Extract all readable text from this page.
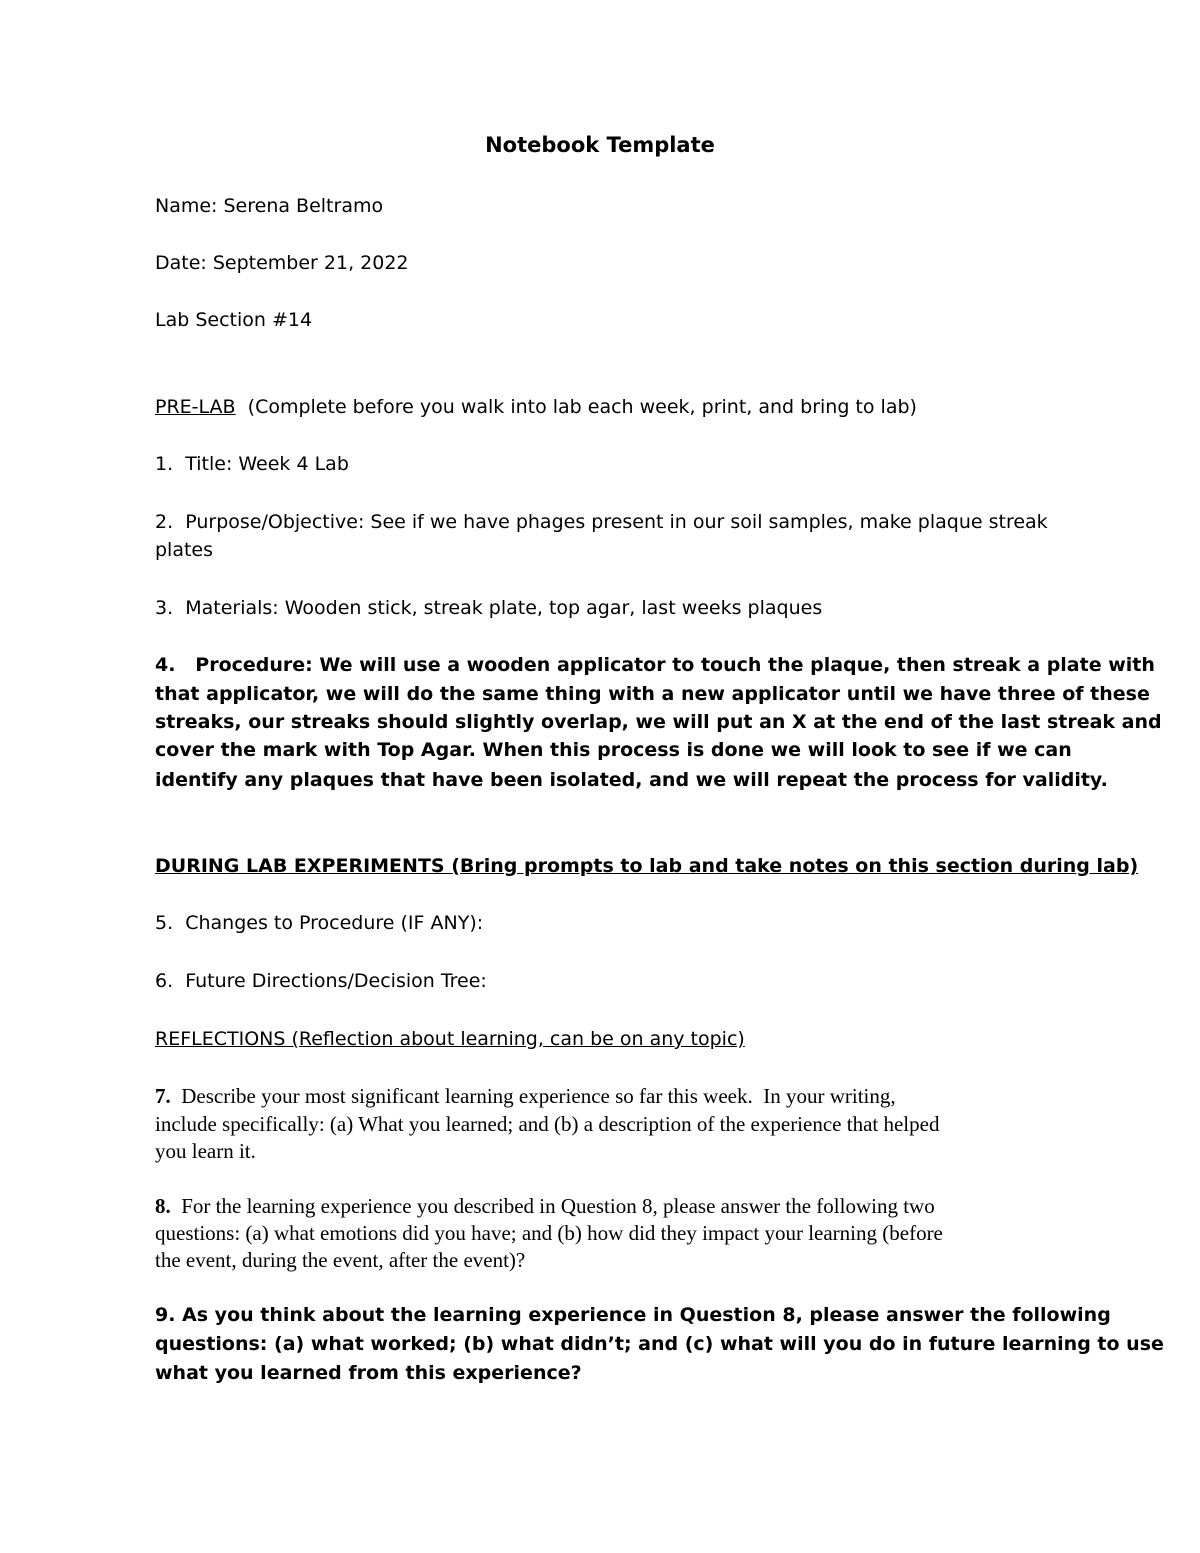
Notebook Template

Name: Serena Beltramo

Date: September 21, 2022

Lab Section #14

PRE-LAB  (Complete before you walk into lab each week, print, and bring to lab)

1.  Title: Week 4 Lab

2.  Purpose/Objective: See if we have phages present in our soil samples, make plaque streak

plates

3.  Materials: Wooden stick, streak plate, top agar, last weeks plaques

4.   Procedure: We will use a wooden applicator to touch the plaque, then streak a plate with

that applicator, we will do the same thing with a new applicator until we have three of these

streaks, our streaks should slightly overlap, we will put an X at the end of the last streak and

cover the mark with Top Agar. When this process is done we will look to see if we can

identify any plaques that have been isolated, and we will repeat the process for validity.

DURING LAB EXPERIMENTS (Bring prompts to lab and take notes on this section during lab)

5.  Changes to Procedure (IF ANY):

6.  Future Directions/Decision Tree:

REFLECTIONS (Reflection about learning, can be on any topic)

7.  Describe your most significant learning experience so far this week.  In your writing,

include specifically: (a) What you learned; and (b) a description of the experience that helped

you learn it.

8.  For the learning experience you described in Question 8, please answer the following two

questions: (a) what emotions did you have; and (b) how did they impact your learning (before

the event, during the event, after the event)?

9. As you think about the learning experience in Question 8, please answer the following

questions: (a) what worked; (b) what didn’t; and (c) what will you do in future learning to use

what you learned from this experience?
